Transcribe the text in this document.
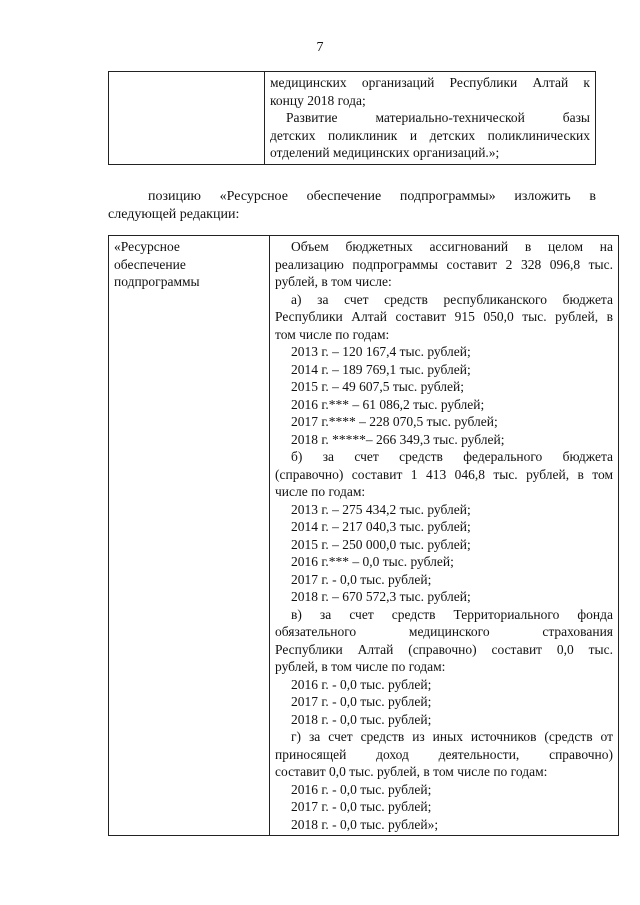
7

медицинских организаций Республики Алтай к
концу 2018 года;
Развитие материально-технической базы
детских поликлиник и детских поликлинических
отделений медицинских организаций.»;
позицию «Ресурсное обеспечение подпрограммы» изложить в
следующей редакции:
«Ресурсное
обеспечение
подпрограммы

Объем бюджетных ассигнований в целом на
реализацию подпрограммы составит 2 328 096,8 тыс.
рублей, в том числе:
а) за счет средств республиканского бюджета
Республики Алтай составит 915 050,0 тыс. рублей, в
том числе по годам:
2013 г. – 120 167,4 тыс. рублей;
2014 г. – 189 769,1 тыс. рублей;
2015 г. – 49 607,5 тыс. рублей;
2016 г.*** – 61 086,2 тыс. рублей;
2017 г.**** – 228 070,5 тыс. рублей;
2018 г. *****– 266 349,3 тыс. рублей;
б) за счет средств федерального бюджета
(справочно) составит 1 413 046,8 тыс. рублей, в том
числе по годам:
2013 г. – 275 434,2 тыс. рублей;
2014 г. – 217 040,3 тыс. рублей;
2015 г. – 250 000,0 тыс. рублей;
2016 г.*** – 0,0 тыс. рублей;
2017 г. - 0,0 тыс. рублей;
2018 г. – 670 572,3 тыс. рублей;
в) за счет средств Территориального фонда
обязательного медицинского страхования
Республики Алтай (справочно) составит 0,0 тыс.
рублей, в том числе по годам:
2016 г. - 0,0 тыс. рублей;
2017 г. - 0,0 тыс. рублей;
2018 г. - 0,0 тыс. рублей;
г) за счет средств из иных источников (средств от
приносящей доход деятельности, справочно)
составит 0,0 тыс. рублей, в том числе по годам:
2016 г. - 0,0 тыс. рублей;
2017 г. - 0,0 тыс. рублей;
2018 г. - 0,0 тыс. рублей»;
